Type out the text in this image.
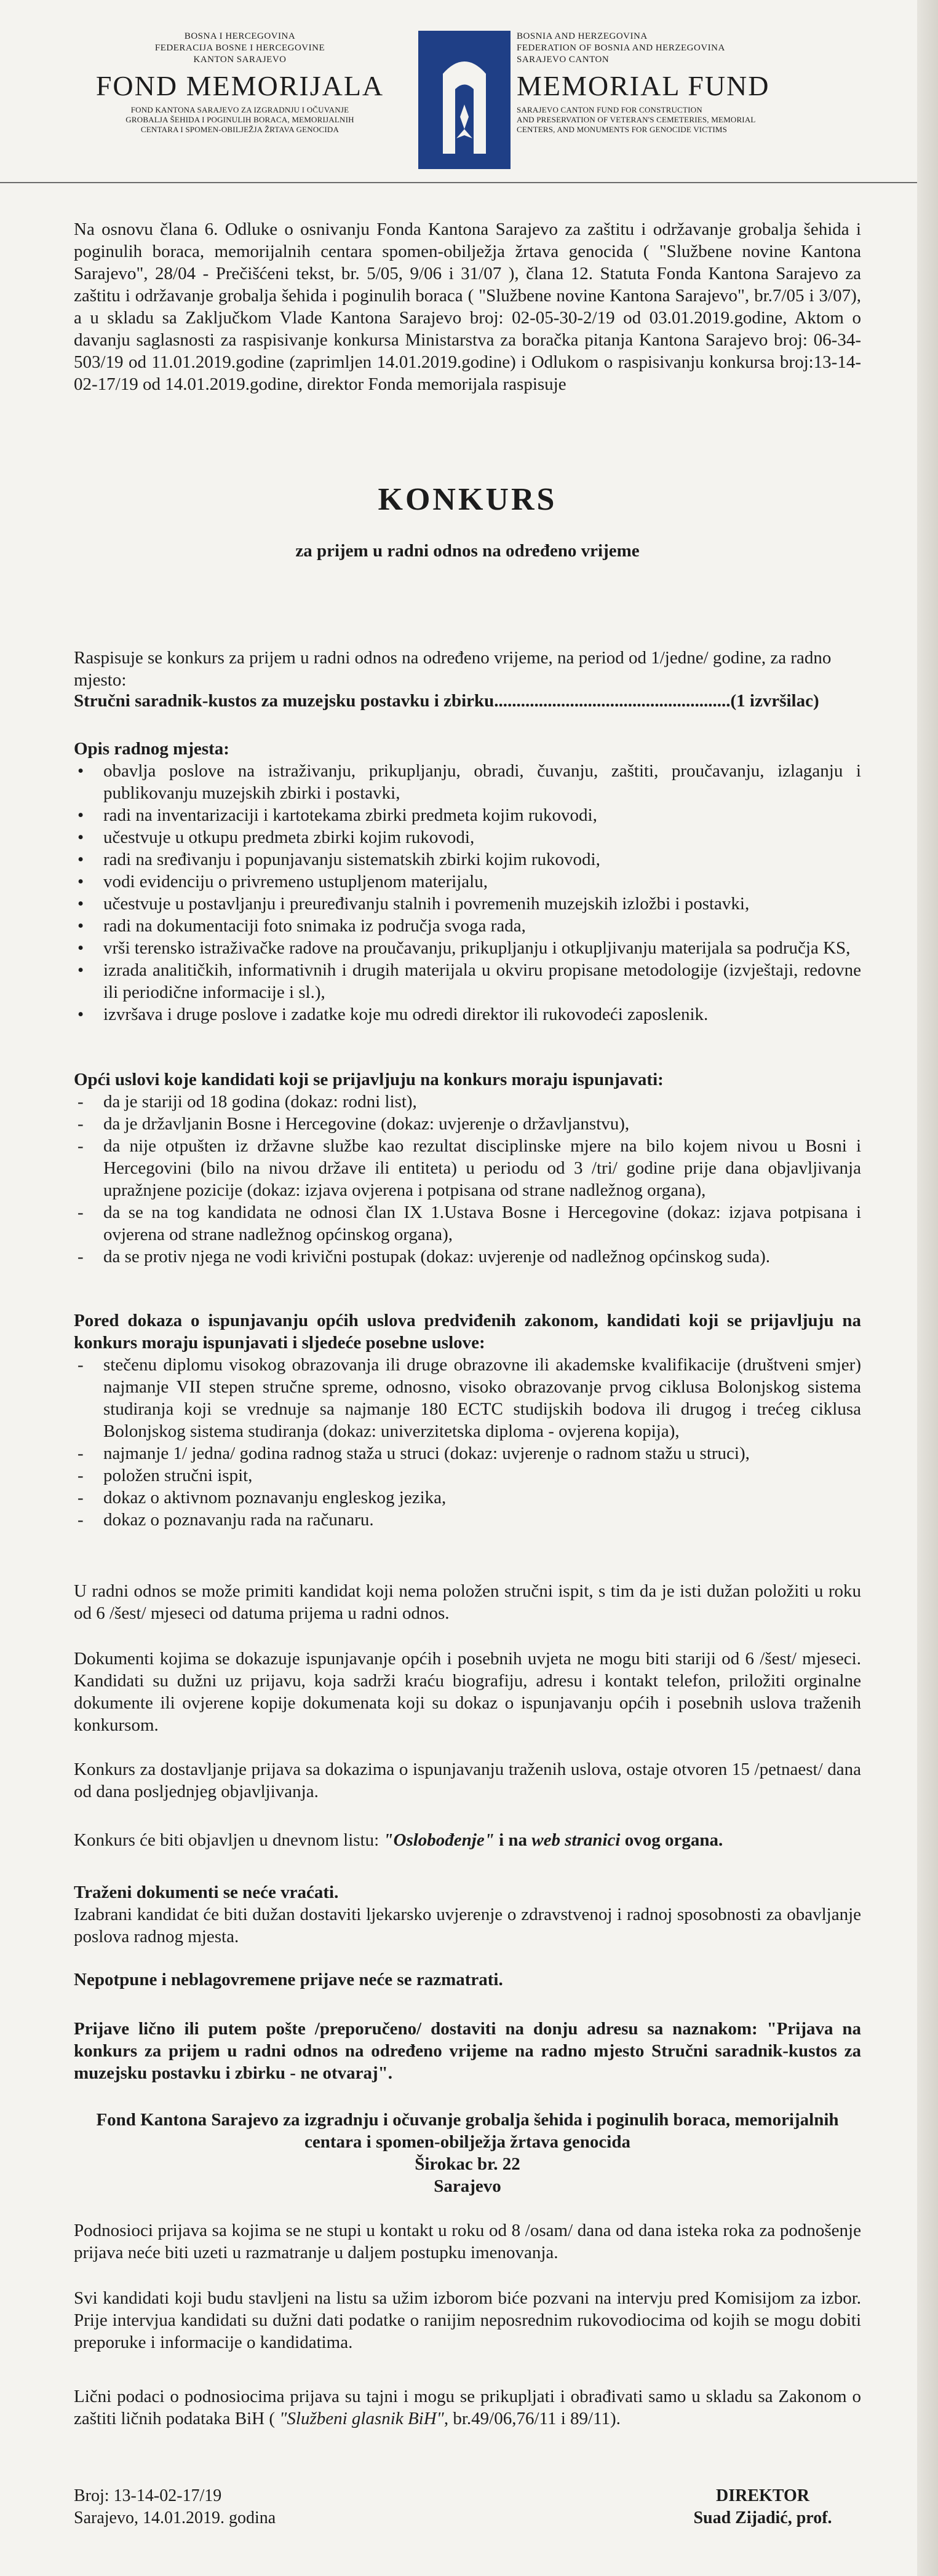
BOSNA I HERCEGOVINA
FEDERACIJA BOSNE I HERCEGOVINE
KANTON SARAJEVO
FOND MEMORIJALA
FOND KANTONA SARAJEVO ZA IZGRADNJU I OČUVANJE
GROBALJA ŠEHIDA I POGINULIH BORACA, MEMORIJALNIH
CENTARA I SPOMEN-OBILJEŽJA ŽRTAVA GENOCIDA
BOSNIA AND HERZEGOVINA
FEDERATION OF BOSNIA AND HERZEGOVINA
SARAJEVO CANTON
MEMORIAL FUND
SARAJEVO CANTON FUND FOR CONSTRUCTION
AND PRESERVATION OF VETERAN'S CEMETERIES, MEMORIAL
CENTERS, AND MONUMENTS FOR GENOCIDE VICTIMS
Na osnovu člana 6. Odluke o osnivanju Fonda Kantona Sarajevo za zaštitu i održavanje grobalja šehida i poginulih boraca, memorijalnih centara spomen-obilježja žrtava genocida ( "Službene novine Kantona Sarajevo", 28/04 - Prečišćeni tekst, br. 5/05, 9/06 i 31/07 ), člana 12. Statuta Fonda Kantona Sarajevo za zaštitu i održavanje grobalja šehida i poginulih boraca ( "Službene novine Kantona Sarajevo", br.7/05 i 3/07), a u skladu sa Zaključkom Vlade Kantona Sarajevo broj: 02-05-30-2/19 od 03.01.2019.godine, Aktom o davanju saglasnosti za raspisivanje konkursa Ministarstva za boračka pitanja Kantona Sarajevo broj: 06-34-503/19 od 11.01.2019.godine (zaprimljen 14.01.2019.godine) i Odlukom o raspisivanju konkursa broj:13-14-02-17/19 od 14.01.2019.godine, direktor Fonda memorijala raspisuje
KONKURS
za prijem u radni odnos na određeno vrijeme
Raspisuje se konkurs za prijem u radni odnos na određeno vrijeme, na period od 1/jedne/ godine, za radno mjesto:
Stručni saradnik-kustos za muzejsku postavku i zbirku.....................................................(1 izvršilac)
Opis radnog mjesta:
• obavlja poslove na istraživanju, prikupljanju, obradi, čuvanju, zaštiti, proučavanju, izlaganju i publikovanju muzejskih zbirki i postavki,
• radi na inventarizaciji i kartotekama zbirki predmeta kojim rukovodi,
• učestvuje u otkupu predmeta zbirki kojim rukovodi,
• radi na sređivanju i popunjavanju sistematskih zbirki kojim rukovodi,
• vodi evidenciju o privremeno ustupljenom materijalu,
• učestvuje u postavljanju i preuređivanju stalnih i povremenih muzejskih izložbi i postavki,
• radi na dokumentaciji foto snimaka iz područja svoga rada,
• vrši terensko istraživačke radove na proučavanju, prikupljanju i otkupljivanju materijala sa područja KS,
• izrada analitičkih, informativnih i drugih materijala u okviru propisane metodologije (izvještaji, redovne ili periodične informacije i sl.),
• izvršava i druge poslove i zadatke koje mu odredi direktor ili rukovodeći zaposlenik.
Opći uslovi koje kandidati koji se prijavljuju na konkurs moraju ispunjavati:
- da je stariji od 18 godina (dokaz: rodni list),
- da je državljanin Bosne i Hercegovine (dokaz: uvjerenje o državljanstvu),
- da nije otpušten iz državne službe kao rezultat disciplinske mjere na bilo kojem nivou u Bosni i Hercegovini (bilo na nivou države ili entiteta) u periodu od 3 /tri/ godine prije dana objavljivanja upražnjene pozicije (dokaz: izjava ovjerena i potpisana od strane nadležnog organa),
- da se na tog kandidata ne odnosi član IX 1.Ustava Bosne i Hercegovine (dokaz: izjava potpisana i ovjerena od strane nadležnog općinskog organa),
- da se protiv njega ne vodi krivični postupak (dokaz: uvjerenje od nadležnog općinskog suda).
Pored dokaza o ispunjavanju općih uslova predviđenih zakonom, kandidati koji se prijavljuju na konkurs moraju ispunjavati i sljedeće posebne uslove:
- stečenu diplomu visokog obrazovanja ili druge obrazovne ili akademske kvalifikacije (društveni smjer) najmanje VII stepen stručne spreme, odnosno, visoko obrazovanje prvog ciklusa Bolonjskog sistema studiranja koji se vrednuje sa najmanje 180 ECTC studijskih bodova ili drugog i trećeg ciklusa Bolonjskog sistema studiranja (dokaz: univerzitetska diploma - ovjerena kopija),
- najmanje 1/ jedna/ godina radnog staža u struci (dokaz: uvjerenje o radnom stažu u struci),
- položen stručni ispit,
- dokaz o aktivnom poznavanju engleskog jezika,
- dokaz o poznavanju rada na računaru.
U radni odnos se može primiti kandidat koji nema položen stručni ispit, s tim da je isti dužan položiti u roku od 6 /šest/ mjeseci od datuma prijema u radni odnos.
Dokumenti kojima se dokazuje ispunjavanje općih i posebnih uvjeta ne mogu biti stariji od 6 /šest/ mjeseci. Kandidati su dužni uz prijavu, koja sadrži kraću biografiju, adresu i kontakt telefon, priložiti orginalne dokumente ili ovjerene kopije dokumenata koji su dokaz o ispunjavanju općih i posebnih uslova traženih konkursom.
Konkurs za dostavljanje prijava sa dokazima o ispunjavanju traženih uslova, ostaje otvoren 15 /petnaest/ dana od dana posljednjeg objavljivanja.
Konkurs će biti objavljen u dnevnom listu: "Oslobođenje" i na web stranici ovog organa.
Traženi dokumenti se neće vraćati.
Izabrani kandidat će biti dužan dostaviti ljekarsko uvjerenje o zdravstvenoj i radnoj sposobnosti za obavljanje poslova radnog mjesta.
Nepotpune i neblagovremene prijave neće se razmatrati.
Prijave lično ili putem pošte /preporučeno/ dostaviti na donju adresu sa naznakom: "Prijava na konkurs za prijem u radni odnos na određeno vrijeme na radno mjesto Stručni saradnik-kustos za muzejsku postavku i zbirku - ne otvaraj".
Fond Kantona Sarajevo za izgradnju i očuvanje grobalja šehida i poginulih boraca, memorijalnih
centara i spomen-obilježja žrtava genocida
Širokac br. 22
Sarajevo
Podnosioci prijava sa kojima se ne stupi u kontakt u roku od 8 /osam/ dana od dana isteka roka za podnošenje prijava neće biti uzeti u razmatranje u daljem postupku imenovanja.
Svi kandidati koji budu stavljeni na listu sa užim izborom biće pozvani na intervju pred Komisijom za izbor. Prije intervjua kandidati su dužni dati podatke o ranijim neposrednim rukovodiocima od kojih se mogu dobiti preporuke i informacije o kandidatima.
Lični podaci o podnosiocima prijava su tajni i mogu se prikupljati i obrađivati samo u skladu sa Zakonom o zaštiti ličnih podataka BiH ( "Službeni glasnik BiH", br.49/06,76/11 i 89/11).
Broj: 13-14-02-17/19
Sarajevo, 14.01.2019. godina
DIREKTOR
Suad Zijadić, prof.
